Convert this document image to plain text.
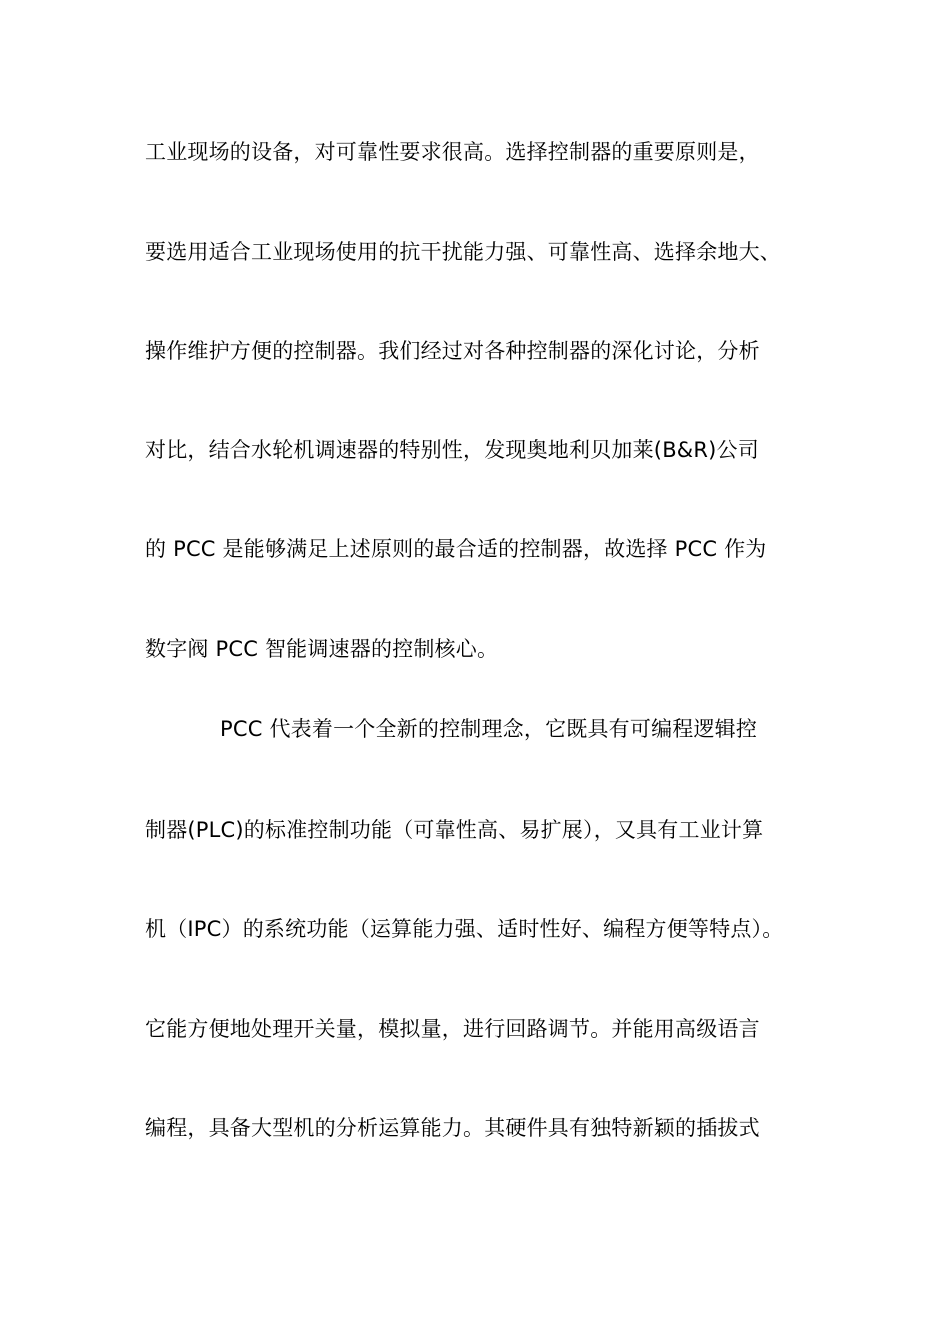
工业现场的设备，对可靠性要求很高。选择控制器的重要原则是，
要选用适合工业现场使用的抗干扰能力强、可靠性高、选择余地大、
操作维护方便的控制器。我们经过对各种控制器的深化讨论，分析
对比，结合水轮机调速器的特别性，发现奥地利贝加莱(B&R)公司
的 PCC 是能够满足上述原则的最合适的控制器，故选择 PCC 作为
数字阀 PCC 智能调速器的控制核心。
PCC 代表着一个全新的控制理念，它既具有可编程逻辑控
制器(PLC)的标准控制功能（可靠性高、易扩展），又具有工业计算
机（IPC）的系统功能（运算能力强、适时性好、编程方便等特点）。
它能方便地处理开关量，模拟量，进行回路调节。并能用高级语言
编程，具备大型机的分析运算能力。其硬件具有独特新颖的插拔式
